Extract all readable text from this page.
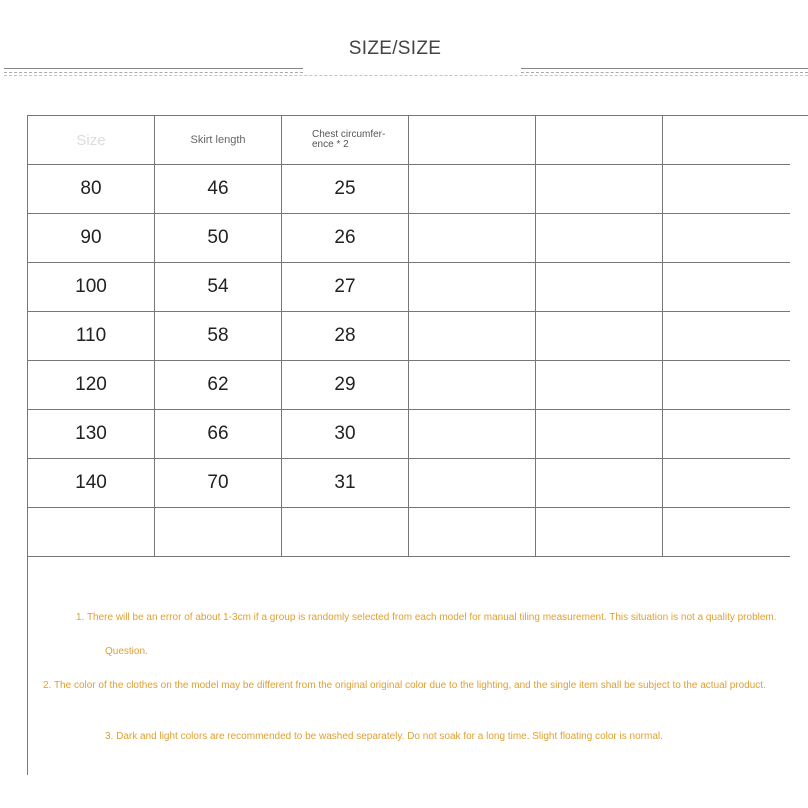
SIZE/SIZE
Size	Skirt length	Chest circumfer-
ence * 2			

80	46	25			
90	50	26			
100	54	27			
110	58	28			
120	62	29			
130	66	30			
140	70	31			

1. There will be an error of about 1-3cm if a group is randomly selected from each model for manual tiling measurement. This situation is not a quality problem.
Question.
2. The color of the clothes on the model may be different from the original original color due to the lighting, and the single item shall be subject to the actual product.
3. Dark and light colors are recommended to be washed separately. Do not soak for a long time. Slight floating color is normal.
